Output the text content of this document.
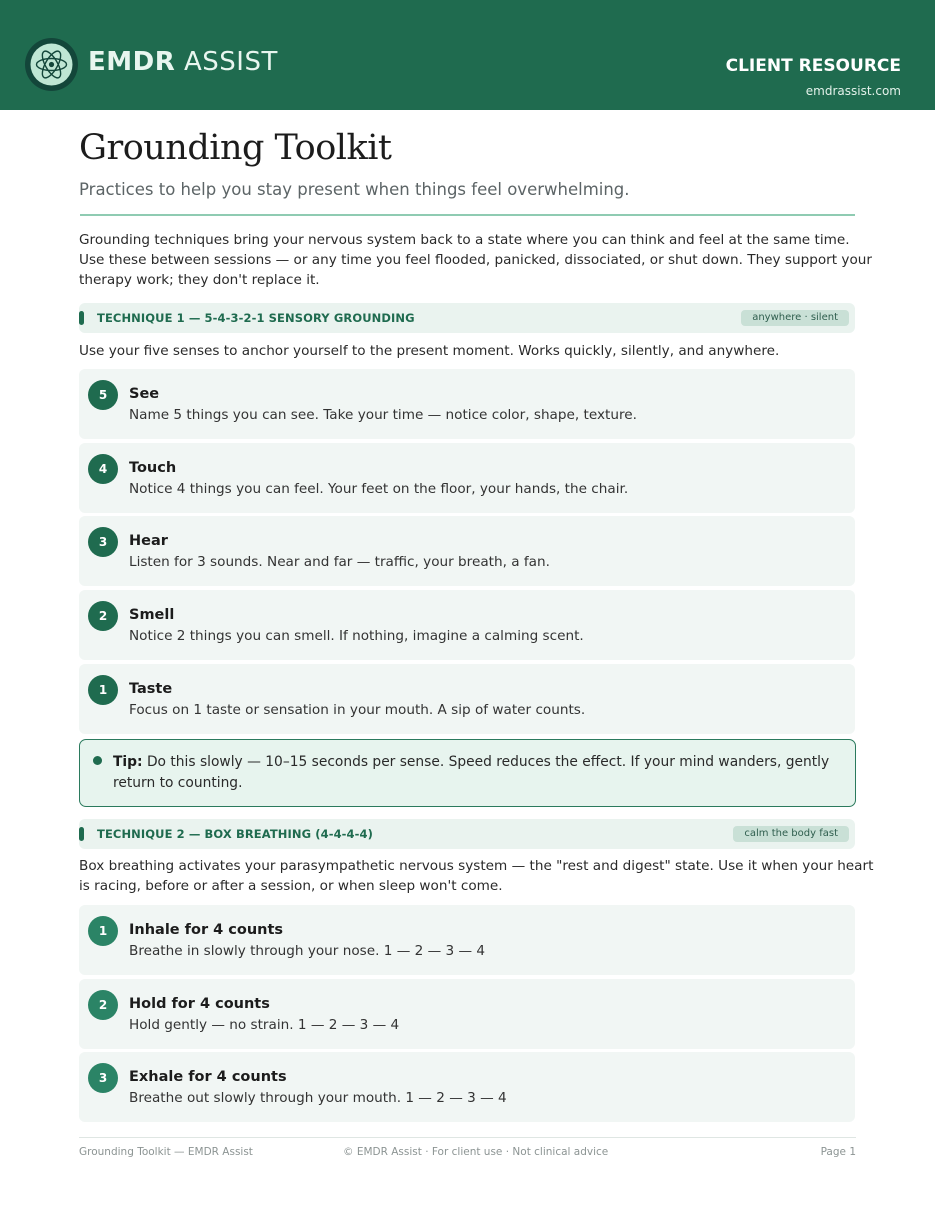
EMDR ASSIST	CLIENT RESOURCE
emdrassist.com
Grounding Toolkit
Practices to help you stay present when things feel overwhelming.
Grounding techniques bring your nervous system back to a state where you can think and feel at the same time. Use these between sessions — or any time you feel flooded, panicked, dissociated, or shut down. They support your therapy work; they don't replace it.
TECHNIQUE 1 — 5-4-3-2-1 SENSORY GROUNDING	anywhere · silent
Use your five senses to anchor yourself to the present moment. Works quickly, silently, and anywhere.
5	See
Name 5 things you can see. Take your time — notice color, shape, texture.
4	Touch
Notice 4 things you can feel. Your feet on the floor, your hands, the chair.
3	Hear
Listen for 3 sounds. Near and far — traffic, your breath, a fan.
2	Smell
Notice 2 things you can smell. If nothing, imagine a calming scent.
1	Taste
Focus on 1 taste or sensation in your mouth. A sip of water counts.
Tip: Do this slowly — 10–15 seconds per sense. Speed reduces the effect. If your mind wanders, gently return to counting.
TECHNIQUE 2 — BOX BREATHING (4-4-4-4)	calm the body fast
Box breathing activates your parasympathetic nervous system — the "rest and digest" state. Use it when your heart is racing, before or after a session, or when sleep won't come.
1	Inhale for 4 counts
Breathe in slowly through your nose. 1 — 2 — 3 — 4
2	Hold for 4 counts
Hold gently — no strain. 1 — 2 — 3 — 4
3	Exhale for 4 counts
Breathe out slowly through your mouth. 1 — 2 — 3 — 4
Grounding Toolkit — EMDR Assist	© EMDR Assist · For client use · Not clinical advice	Page 1
